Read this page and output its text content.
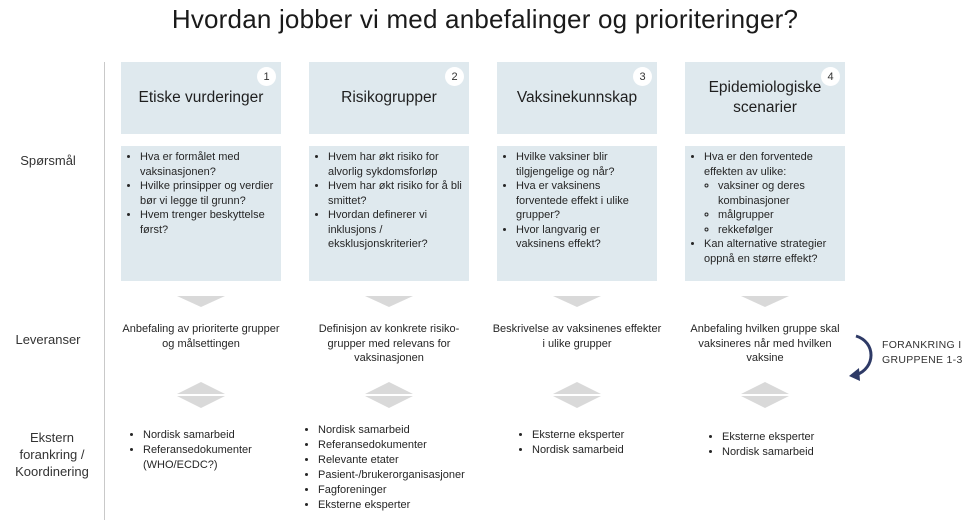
Hvordan jobber vi med anbefalinger og prioriteringer?
Spørsmål
Leveranser
Ekstern forankring / Koordinering
1
Etiske vurderinger
• Hva er formålet med vaksinasjonen?
• Hvilke prinsipper og verdier bør vi legge til grunn?
• Hvem trenger beskyttelse først?
Anbefaling av prioriterte grupper og målsettingen
• Nordisk samarbeid
• Referansedokumenter (WHO/ECDC?)
2
Risikogrupper
• Hvem har økt risiko for alvorlig sykdomsforløp
• Hvem har økt risiko for å bli smittet?
• Hvordan definerer vi inklusjons / eksklusjonskriterier?
Definisjon av konkrete risiko-grupper med relevans for vaksinasjonen
• Nordisk samarbeid
• Referansedokumenter
• Relevante etater
• Pasient-/brukerorganisasjoner
• Fagforeninger
• Eksterne eksperter
3
Vaksinekunnskap
• Hvilke vaksiner blir tilgjengelige og når?
• Hva er vaksinens forventede effekt i ulike grupper?
• Hvor langvarig er vaksinens effekt?
Beskrivelse av vaksinenes effekter i ulike grupper
• Eksterne eksperter
• Nordisk samarbeid
4
Epidemiologiske scenarier
• Hva er den forventede effekten av ulike:
◦ vaksiner og deres kombinasjoner
◦ målgrupper
◦ rekkefølger
• Kan alternative strategier oppnå en større effekt?
Anbefaling hvilken gruppe skal vaksineres når med hvilken vaksine
• Eksterne eksperter
• Nordisk samarbeid
FORANKRING I
GRUPPENE 1-3
